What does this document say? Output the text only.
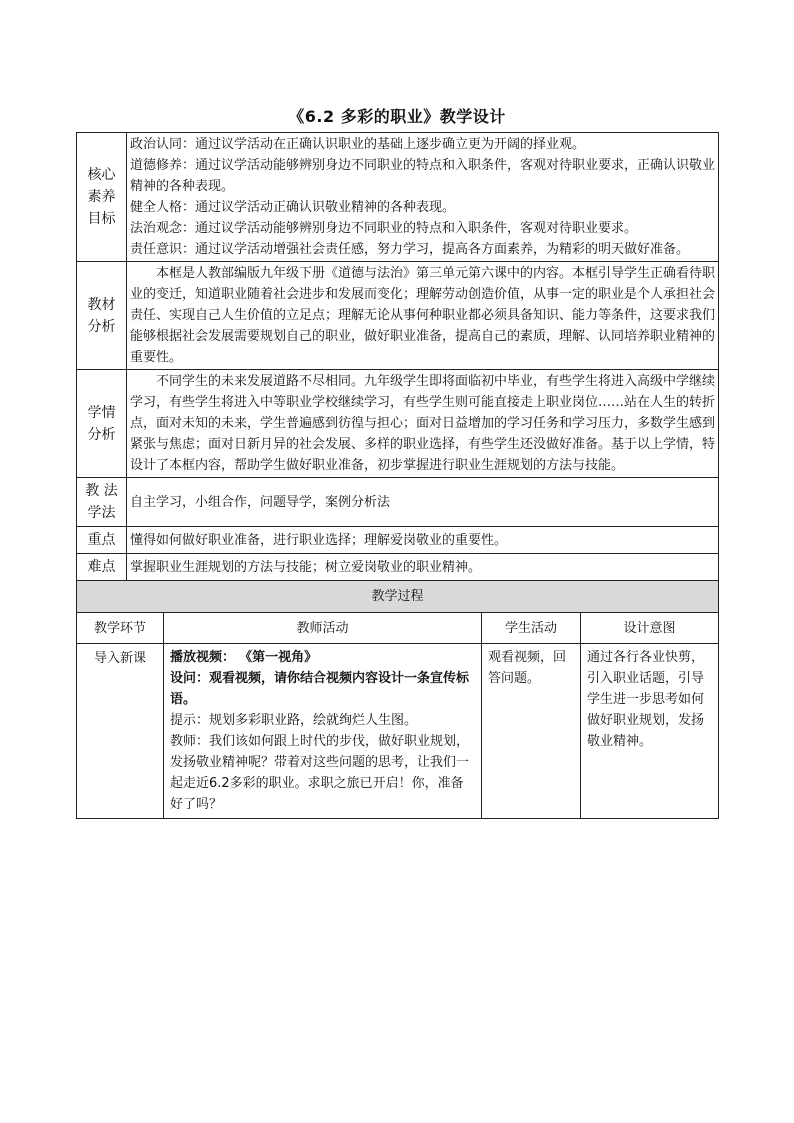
《6.2 多彩的职业》教学设计
核心
素养
目标	政治认同：通过议学活动在正确认识职业的基础上逐步确立更为开阔的择业观。
道德修养：通过议学活动能够辨别身边不同职业的特点和入职条件，客观对待职业要求，正确认识敬业精神的各种表现。
健全人格：通过议学活动正确认识敬业精神的各种表现。
法治观念：通过议学活动能够辨别身边不同职业的特点和入职条件，客观对待职业要求。
责任意识：通过议学活动增强社会责任感，努力学习，提高各方面素养，为精彩的明天做好准备。			

教材
分析	本框是人教部编版九年级下册《道德与法治》第三单元第六课中的内容。本框引导学生正确看待职业的变迁，知道职业随着社会进步和发展而变化；理解劳动创造价值，从事一定的职业是个人承担社会责任、实现自己人生价值的立足点；理解无论从事何种职业都必须具备知识、能力等条件，这要求我们能够根据社会发展需要规划自己的职业，做好职业准备，提高自己的素质，理解、认同培养职业精神的重要性。			

学情
分析	不同学生的未来发展道路不尽相同。九年级学生即将面临初中毕业，有些学生将进入高级中学继续学习，有些学生将进入中等职业学校继续学习，有些学生则可能直接走上职业岗位……站在人生的转折点，面对未知的未来，学生普遍感到彷徨与担心；面对日益增加的学习任务和学习压力，多数学生感到紧张与焦虑；面对日新月异的社会发展、多样的职业选择，有些学生还没做好准备。基于以上学情，特设计了本框内容，帮助学生做好职业准备，初步掌握进行职业生涯规划的方法与技能。			

教 法
学法	自主学习，小组合作，问题导学，案例分析法			
重点	懂得如何做好职业准备，进行职业选择；理解爱岗敬业的重要性。			
难点	掌握职业生涯规划的方法与技能；树立爱岗敬业的职业精神。			
教学过程				
教学环节		教师活动	学生活动	设计意图
导入新课		播放视频： 《第一视角》
设问：观看视频，请你结合视频内容设计一条宣传标语。
提示：规划多彩职业路，绘就绚烂人生图。
教师：我们该如何跟上时代的步伐，做好职业规划，发扬敬业精神呢？带着对这些问题的思考，让我们一起走近6.2多彩的职业。求职之旅已开启！你，准备好了吗？	观看视频，回答问题。	通过各行各业快剪，引入职业话题，引导学生进一步思考如何做好职业规划，发扬敬业精神。
